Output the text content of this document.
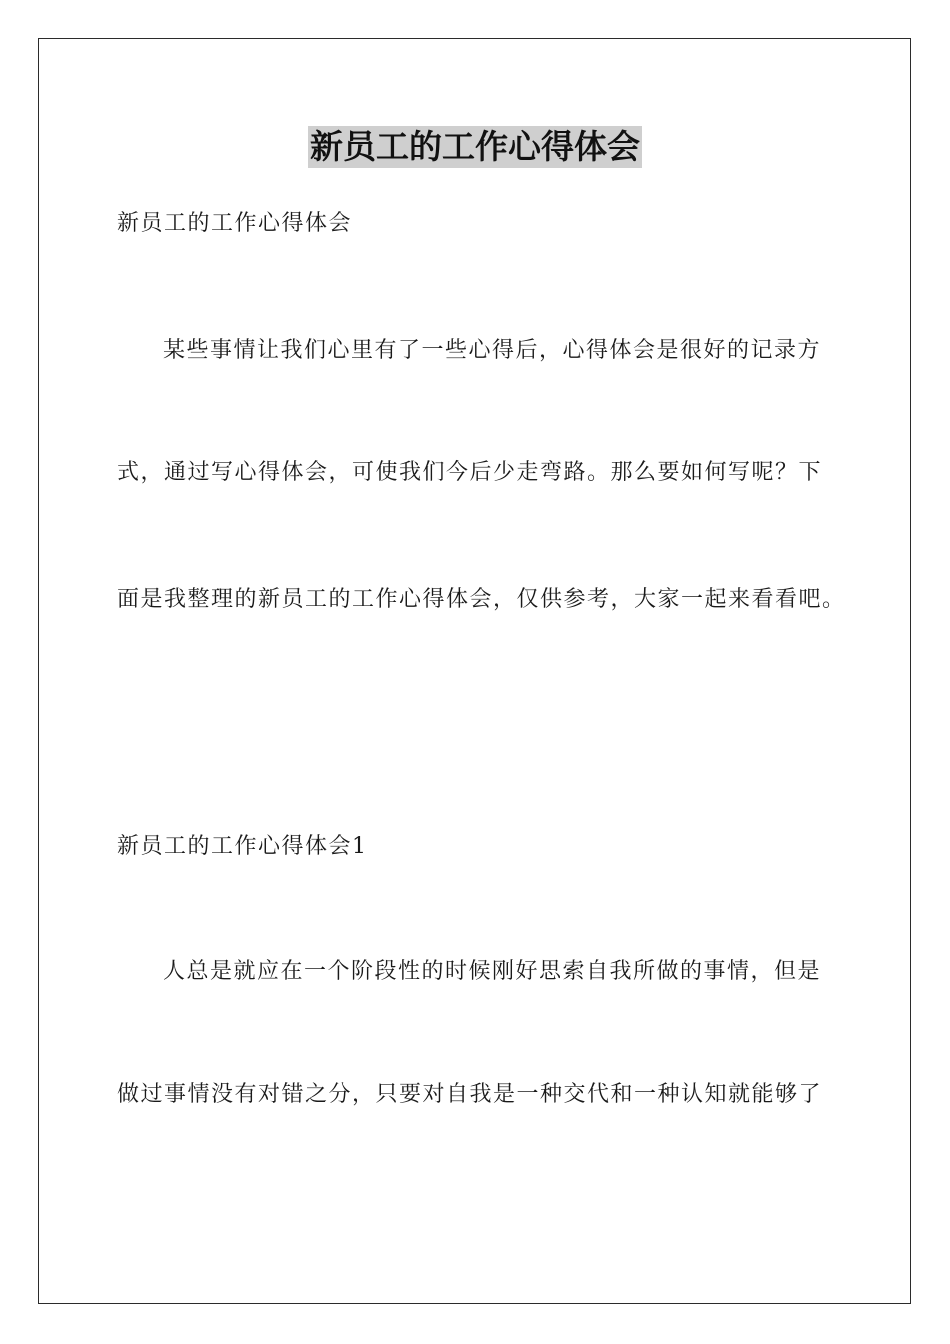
新员工的工作心得体会
新员工的工作心得体会
某些事情让我们心里有了一些心得后，心得体会是很好的记录方
式，通过写心得体会，可使我们今后少走弯路。那么要如何写呢？下
面是我整理的新员工的工作心得体会，仅供参考，大家一起来看看吧。
新员工的工作心得体会1
人总是就应在一个阶段性的时候刚好思索自我所做的事情，但是
做过事情没有对错之分，只要对自我是一种交代和一种认知就能够了
